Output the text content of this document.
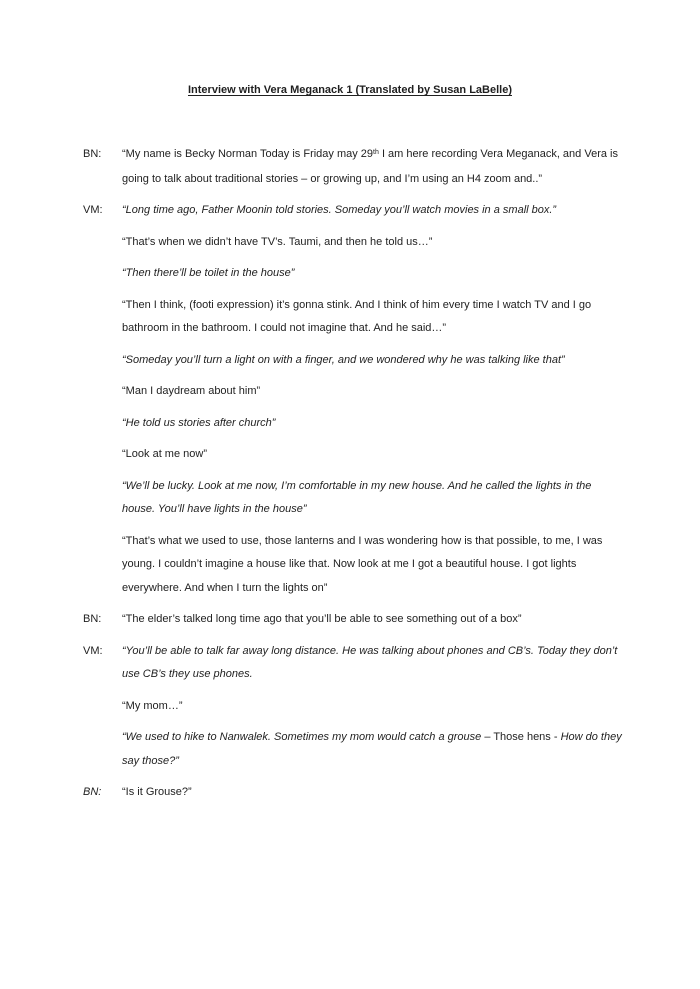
Interview with Vera Meganack 1 (Translated by Susan LaBelle)
BN: “My name is Becky Norman Today is Friday may 29th I am here recording Vera Meganack, and Vera is going to talk about traditional stories – or growing up, and I’m using an H4 zoom and..”
VM: “Long time ago, Father Moonin told stories. Someday you’ll watch movies in a small box.”
“That’s when we didn’t have TV’s. Taumi, and then he told us…”
“Then there’ll be toilet in the house”
“Then I think, (footi expression) it’s gonna stink. And I think of him every time I watch TV and I go bathroom in the bathroom. I could not imagine that. And he said…”
“Someday you’ll turn a light on with a finger, and we wondered why he was talking like that”
“Man I daydream about him”
“He told us stories after church”
“Look at me now”
“We’ll be lucky. Look at me now, I’m comfortable in my new house. And he called the lights in the house. You’ll have lights in the house”
“That’s what we used to use, those lanterns and I was wondering how is that possible, to me, I was young. I couldn’t imagine a house like that. Now look at me I got a beautiful house. I got lights everywhere. And when I turn the lights on”
BN: “The elder’s talked long time ago that you’ll be able to see something out of a box”
VM: “You’ll be able to talk far away long distance. He was talking about phones and CB’s. Today they don’t use CB’s they use phones.
“My mom…”
“We used to hike to Nanwalek. Sometimes my mom would catch a grouse – Those hens - How do they say those?”
BN: “Is it Grouse?”
